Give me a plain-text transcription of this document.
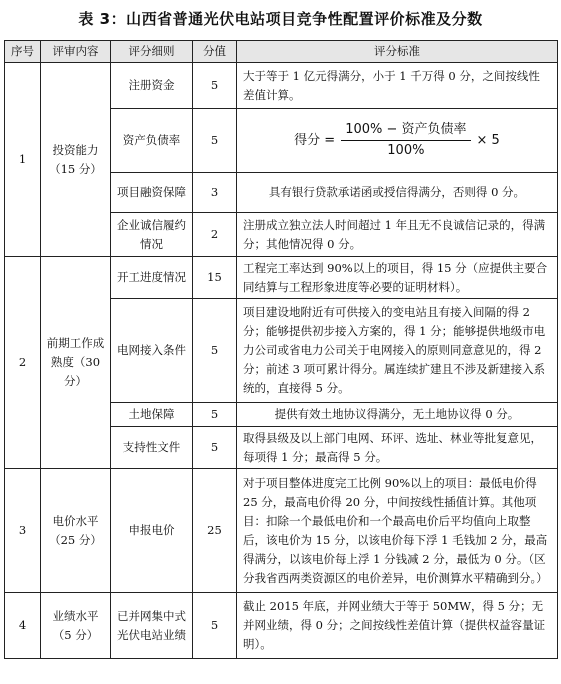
表 3：山西省普通光伏电站项目竞争性配置评价标准及分数
序号	评审内容	评分细则	分值	评分标准
1	投资能力（15 分）	注册资金	5	大于等于 1 亿元得满分，小于 1 千万得 0 分，之间按线性差值计算。
		资产负债率	5	得分 = $\frac{\text{100\% − 资产负债率}}{100\%} \times 5$

		项目融资保障	3	具有银行贷款承诺函或授信得满分，否则得 0 分。
		企业诚信履约情况	2	注册成立独立法人时间超过 1 年且无不良诚信记录的，得满分；其他情况得 0 分。
2	前期工作成熟度（30 分）	开工进度情况	15	工程完工率达到 90%以上的项目，得 15 分（应提供主要合同结算与工程形象进度等必要的证明材料）。
		电网接入条件	5	项目建设地附近有可供接入的变电站且有接入间隔的得 2 分；能够提供初步接入方案的，得 1 分；能够提供地级市电力公司或省电力公司关于电网接入的原则同意意见的，得 2 分；前述 3 项可累计得分。属连续扩建且不涉及新建接入系统的，直接得 5 分。
		土地保障	5	提供有效土地协议得满分，无土地协议得 0 分。
		支持性文件	5	取得县级及以上部门电网、环评、选址、林业等批复意见，每项得 1 分；最高得 5 分。
3	电价水平（25 分）	申报电价	25	对于项目整体进度完工比例 90%以上的项目：最低电价得 25 分，最高电价得 20 分，中间按线性插值计算。其他项目：扣除一个最低电价和一个最高电价后平均值向上取整后，该电价为 15 分，以该电价每下浮 1 毛钱加 2 分，最高得满分，以该电价每上浮 1 分钱减 2 分，最低为 0 分。（区分我省西两类资源区的电价差异，电价测算水平精确到分。）
4	业绩水平（5 分）	已并网集中式光伏电站业绩	5	截止 2015 年底，并网业绩大于等于 50MW，得 5 分；无并网业绩，得 0 分；之间按线性差值计算（提供权益容量证明）。
